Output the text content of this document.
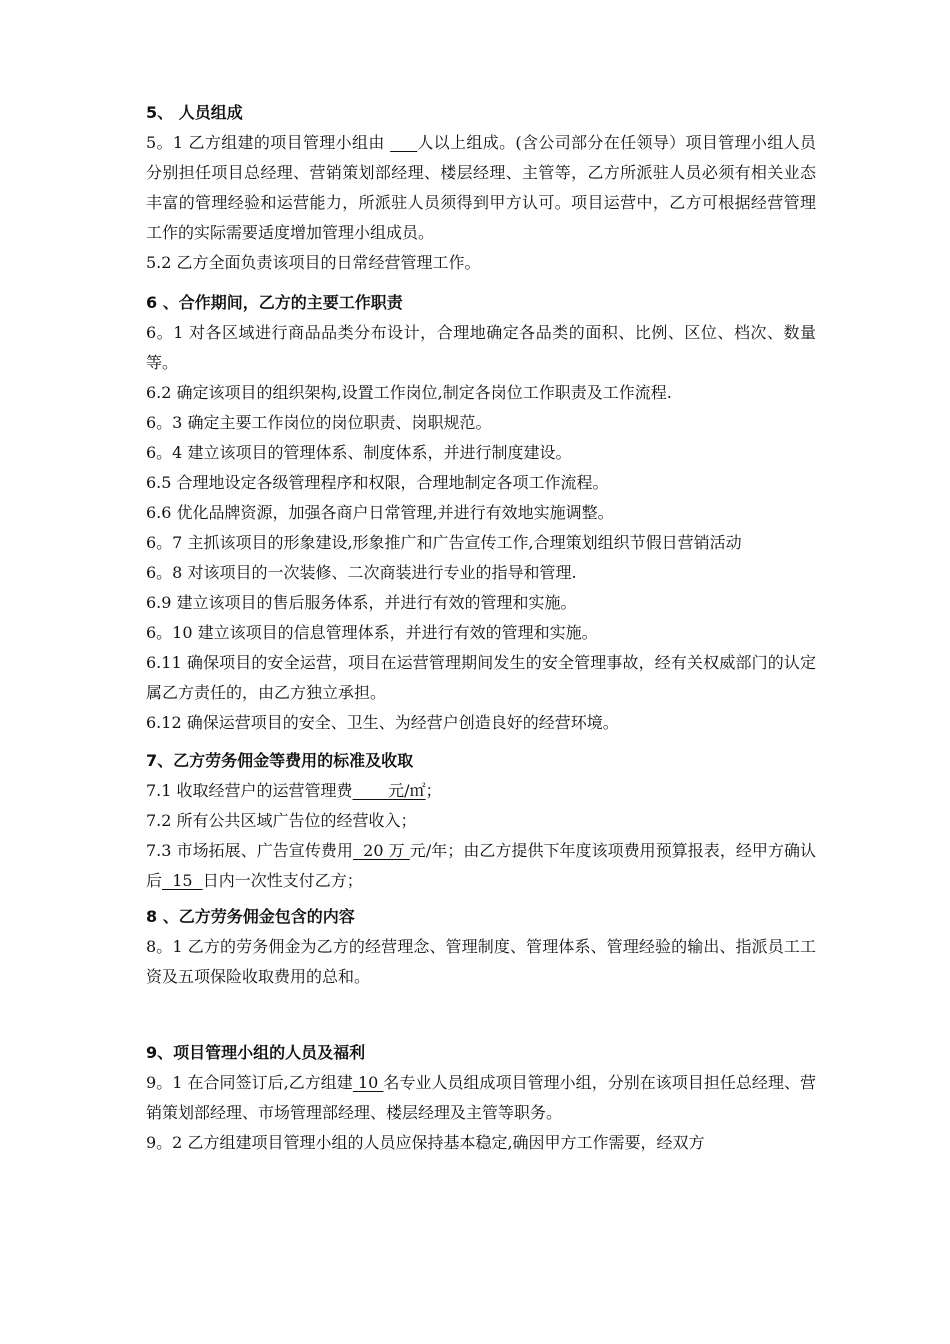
5、 人员组成

5。1 乙方组建的项目管理小组由      人以上组成。(含公司部分在任领导）项目管理小组人员分别担任项目总经理、营销策划部经理、楼层经理、主管等，乙方所派驻人员必须有相关业态丰富的管理经验和运营能力，所派驻人员须得到甲方认可。项目运营中，乙方可根据经营管理工作的实际需要适度增加管理小组成员。

5.2 乙方全面负责该项目的日常经营管理工作。

6 、合作期间，乙方的主要工作职责

6。1 对各区域进行商品品类分布设计，合理地确定各品类的面积、比例、区位、档次、数量等。

6.2 确定该项目的组织架构,设置工作岗位,制定各岗位工作职责及工作流程.

6。3 确定主要工作岗位的岗位职责、岗职规范。

6。4 建立该项目的管理体系、制度体系，并进行制度建设。

6.5 合理地设定各级管理程序和权限，合理地制定各项工作流程。

6.6 优化品牌资源，加强各商户日常管理,并进行有效地实施调整。

6。7 主抓该项目的形象建设,形象推广和广告宣传工作,合理策划组织节假日营销活动

6。8 对该项目的一次装修、二次商装进行专业的指导和管理.

6.9 建立该项目的售后服务体系，并进行有效的管理和实施。

6。10 建立该项目的信息管理体系，并进行有效的管理和实施。

6.11 确保项目的安全运营，项目在运营管理期间发生的安全管理事故，经有关权威部门的认定属乙方责任的，由乙方独立承担。

6.12 确保运营项目的安全、卫生、为经营户创造良好的经营环境。

7、乙方劳务佣金等费用的标准及收取

7.1 收取经营户的运营管理费       元/㎡；

7.2 所有公共区域广告位的经营收入；

7.3 市场拓展、广告宣传费用  20 万 元/年；由乙方提供下年度该项费用预算报表，经甲方确认后  15  日内一次性支付乙方；

8 、乙方劳务佣金包含的内容

8。1 乙方的劳务佣金为乙方的经营理念、管理制度、管理体系、管理经验的输出、指派员工工资及五项保险收取费用的总和。

9、项目管理小组的人员及福利

9。1 在合同签订后,乙方组建 10 名专业人员组成项目管理小组，分别在该项目担任总经理、营销策划部经理、市场管理部经理、楼层经理及主管等职务。

9。2 乙方组建项目管理小组的人员应保持基本稳定,确因甲方工作需要，经双方
